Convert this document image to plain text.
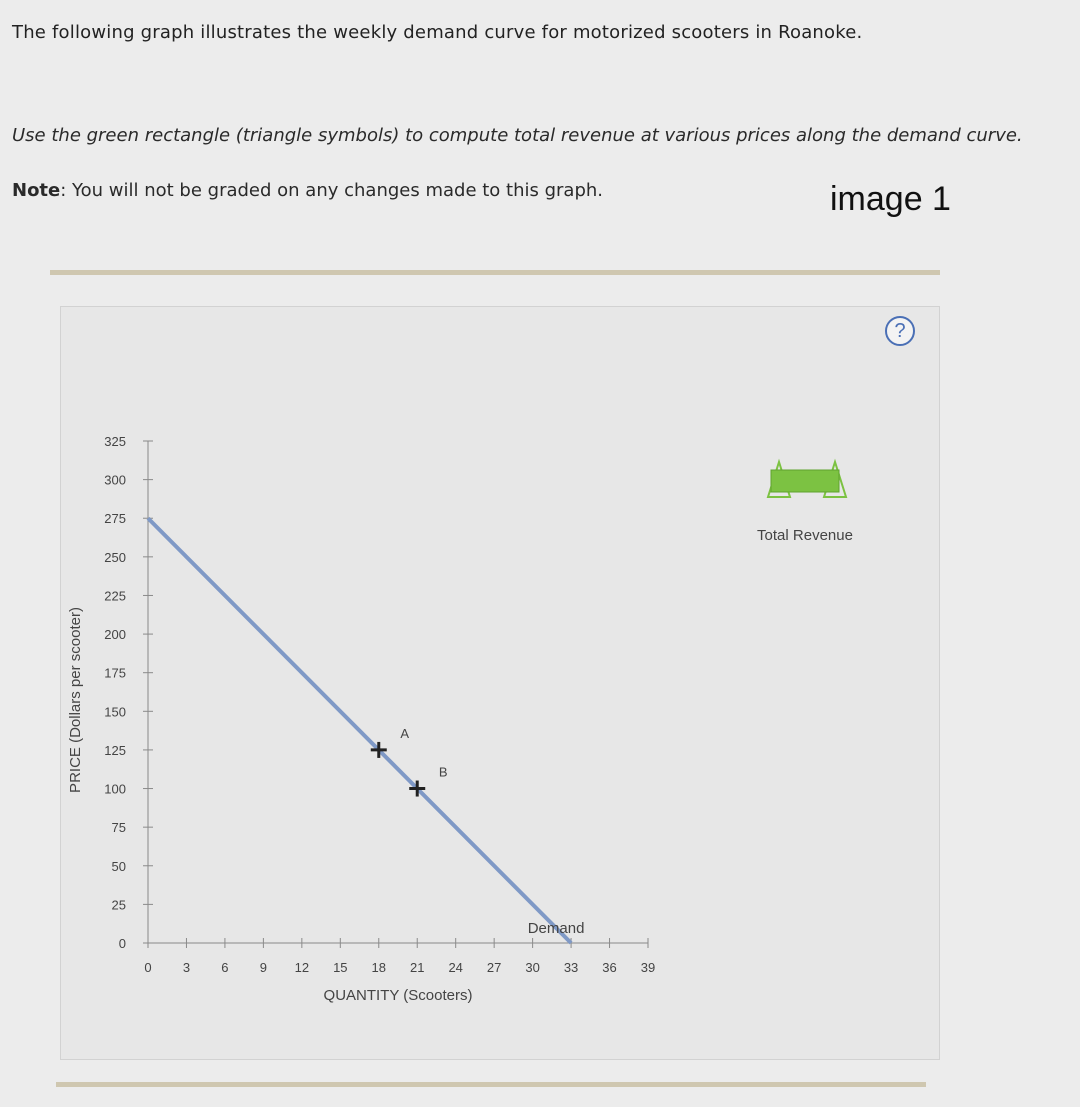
The following graph illustrates the weekly demand curve for motorized scooters in Roanoke.
Use the green rectangle (triangle symbols) to compute total revenue at various prices along the demand curve.
Note: You will not be graded on any changes made to this graph.	image 1
?
0
25
50
75
100
125
150
175
200
225
250
275
300
325
0 3 6 9 12 15 18 21 24 27 30 33 36 39
Demand
A
B
Total Revenue
QUANTITY (Scooters)
PRICE (Dollars per scooter)
